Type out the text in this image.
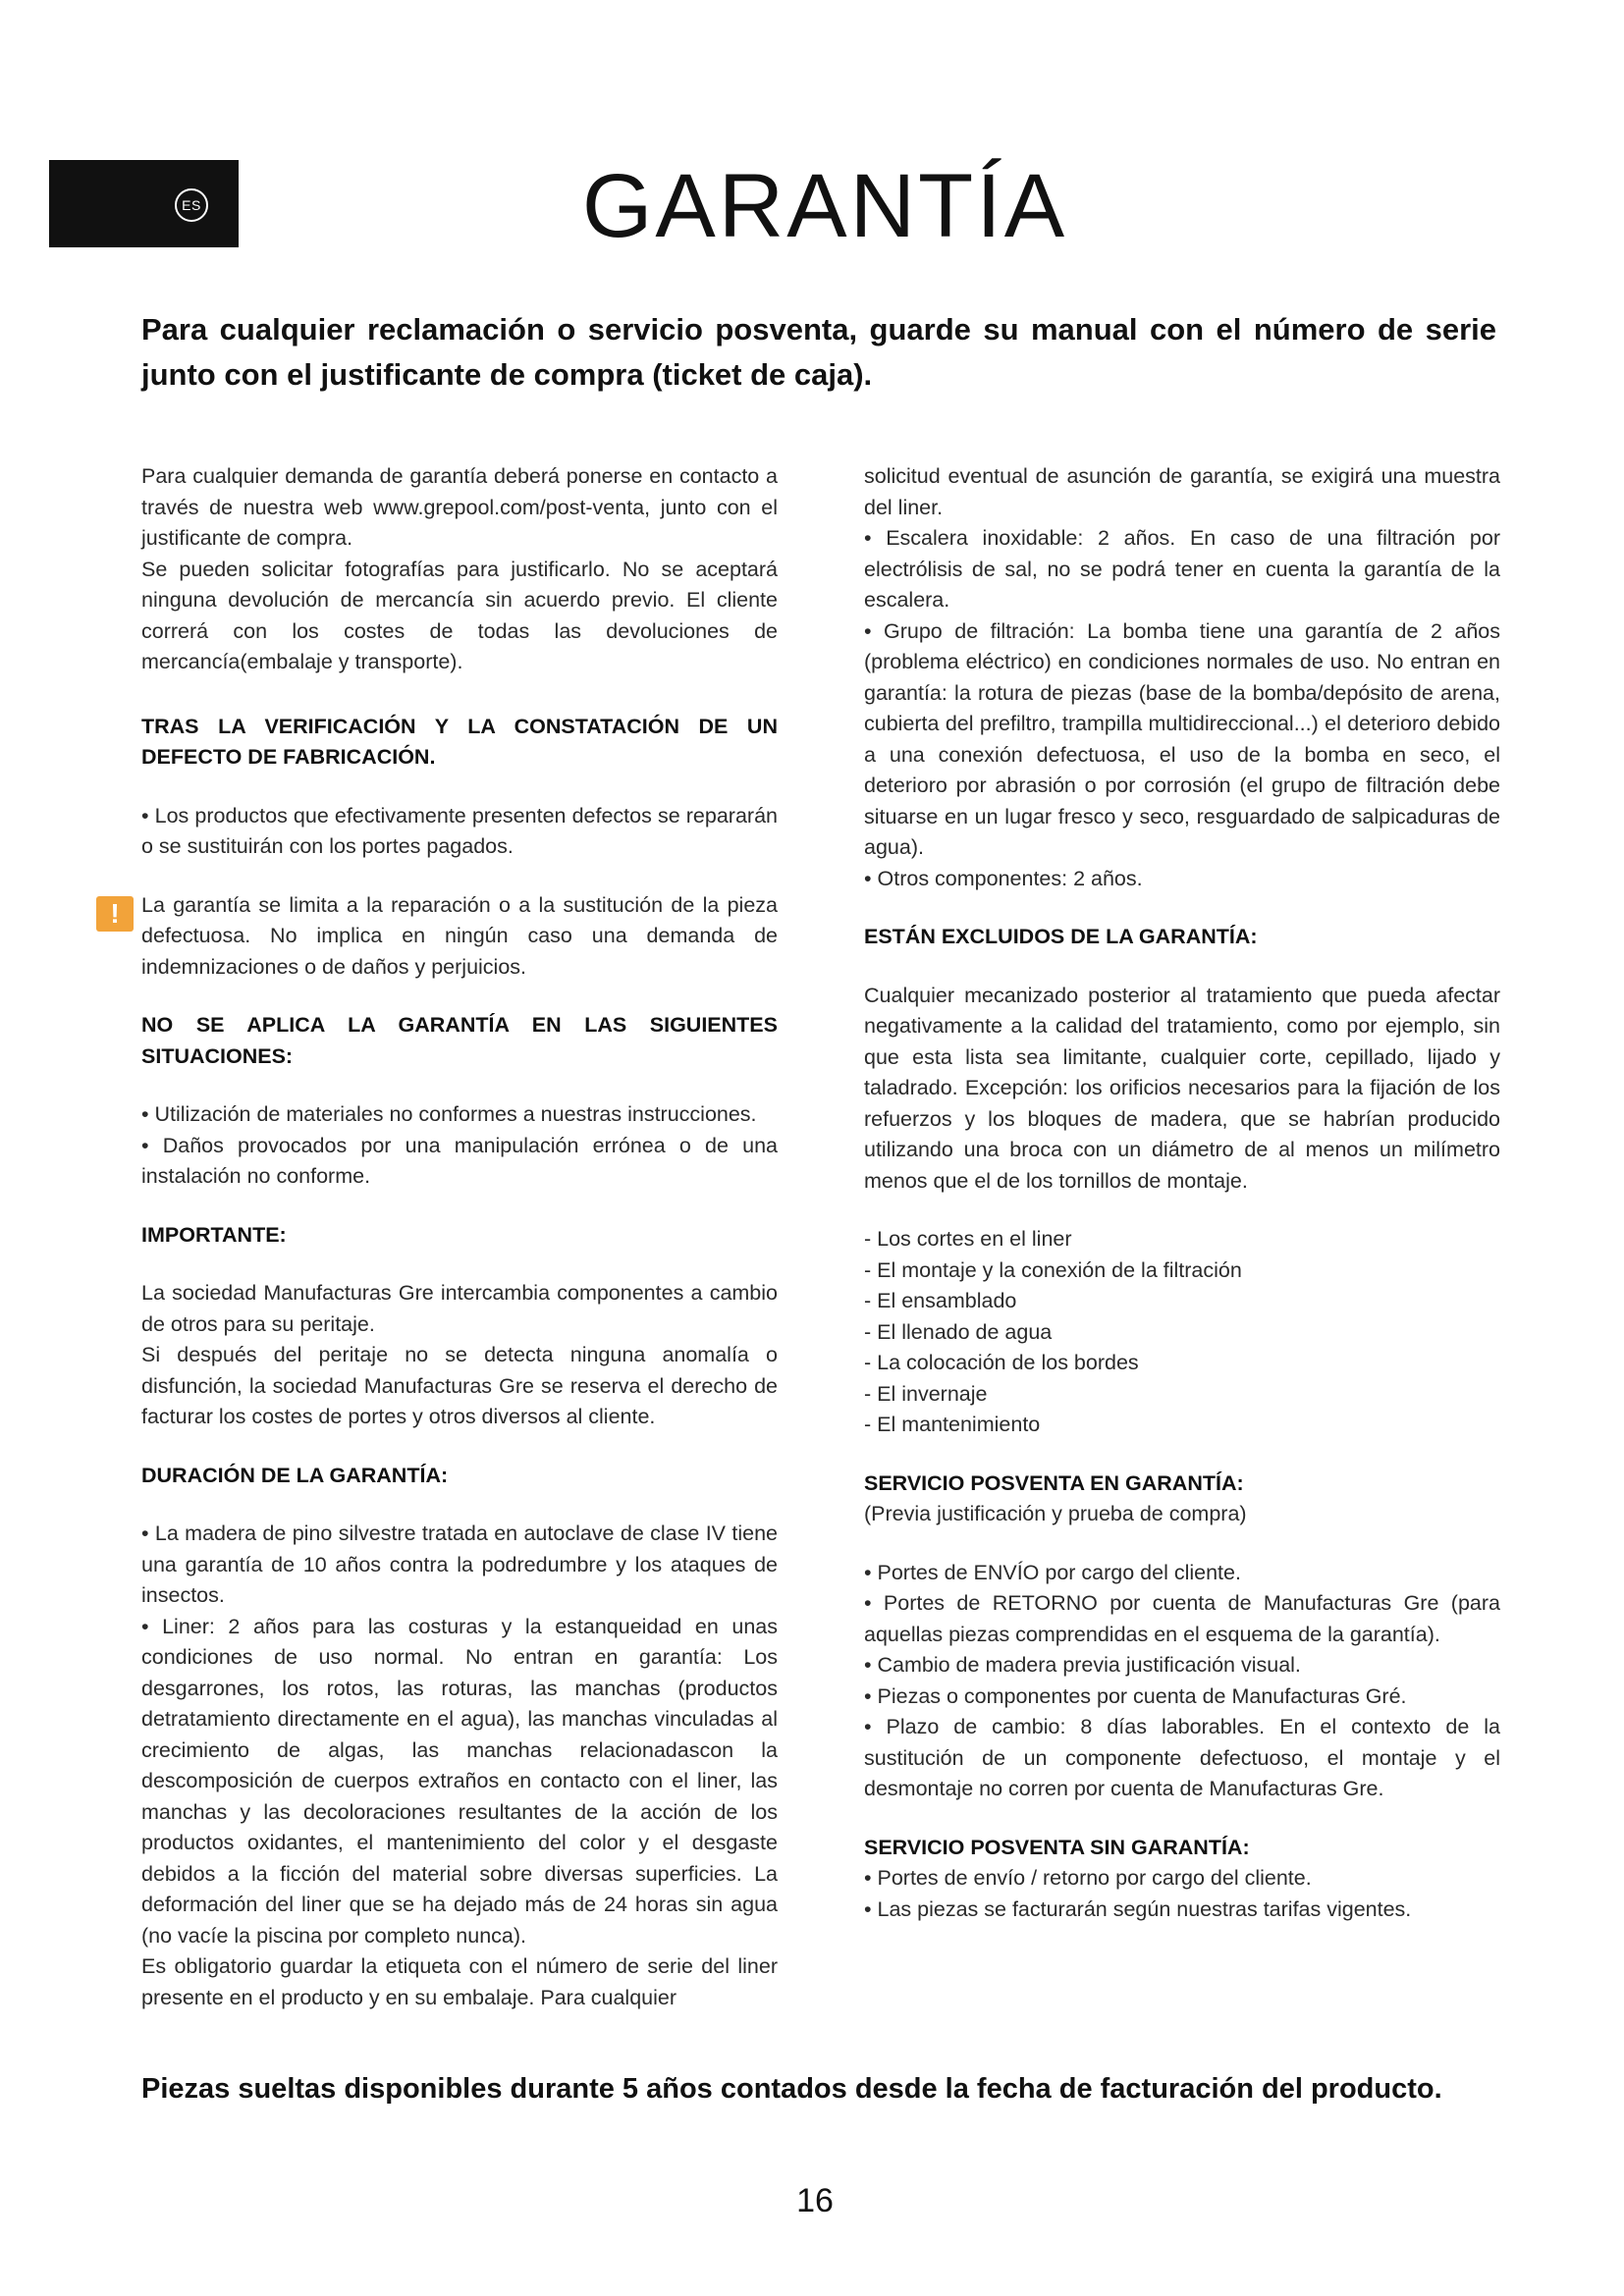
ES	GARANTÍA

Para cualquier reclamación o servicio posventa, guarde su manual con el número de serie junto con el justificante de compra (ticket de caja).

Para cualquier demanda de garantía deberá ponerse en contacto a través de nuestra web www.grepool.com/post-venta, junto con el justificante de compra.

Se pueden solicitar fotografías para justificarlo. No se aceptará ninguna devolución de mercancía sin acuerdo previo. El cliente correrá con los costes de todas las devoluciones de mercancía(embalaje y transporte).

TRAS LA VERIFICACIÓN Y LA CONSTATACIÓN DE UN DEFECTO DE FABRICACIÓN.

• Los productos que efectivamente presenten defectos se repararán o se sustituirán con los portes pagados.

!	La garantía se limita a la reparación o a la sustitución de la pieza defectuosa. No implica en ningún caso una demanda de indemnizaciones o de daños y perjuicios.

NO SE APLICA LA GARANTÍA EN LAS SIGUIENTES SITUACIONES:

• Utilización de materiales no conformes a nuestras instrucciones.

• Daños provocados por una manipulación errónea o de una instalación no conforme.

IMPORTANTE:

La sociedad Manufacturas Gre intercambia componentes a cambio de otros para su peritaje.

Si después del peritaje no se detecta ninguna anomalía o disfunción, la sociedad Manufacturas Gre se reserva el derecho de facturar los costes de portes y otros diversos al cliente.

DURACIÓN DE LA GARANTÍA:

• La madera de pino silvestre tratada en autoclave de clase IV tiene una garantía de 10 años contra la podredumbre y los ataques de insectos.

• Liner: 2 años para las costuras y la estanqueidad en unas condiciones de uso normal. No entran en garantía: Los desgarrones, los rotos, las roturas, las manchas (productos detratamiento directamente en el agua), las manchas vinculadas al crecimiento de algas, las manchas relacionadascon la descomposición de cuerpos extraños en contacto con el liner, las manchas y las decoloraciones resultantes de la acción de los productos oxidantes, el mantenimiento del color y el desgaste debidos a la ficción del material sobre diversas superficies. La deformación del liner que se ha dejado más de 24 horas sin agua (no vacíe la piscina por completo nunca).

Es obligatorio guardar la etiqueta con el número de serie del liner presente en el producto y en su embalaje. Para cualquier

solicitud eventual de asunción de garantía, se exigirá una muestra del liner.

• Escalera inoxidable: 2 años. En caso de una filtración por electrólisis de sal, no se podrá tener en cuenta la garantía de la escalera.

• Grupo de filtración: La bomba tiene una garantía de 2 años (problema eléctrico) en condiciones normales de uso. No entran en garantía: la rotura de piezas (base de la bomba/depósito de arena, cubierta del prefiltro, trampilla multidireccional...) el deterioro debido a una conexión defectuosa, el uso de la bomba en seco, el deterioro por abrasión o por corrosión (el grupo de filtración debe situarse en un lugar fresco y seco, resguardado de salpicaduras de agua).

• Otros componentes: 2 años.

ESTÁN EXCLUIDOS DE LA GARANTÍA:

Cualquier mecanizado posterior al tratamiento que pueda afectar negativamente a la calidad del tratamiento, como por ejemplo, sin que esta lista sea limitante, cualquier corte, cepillado, lijado y taladrado. Excepción: los orificios necesarios para la fijación de los refuerzos y los bloques de madera, que se habrían producido utilizando una broca con un diámetro de al menos un milímetro menos que el de los tornillos de montaje.

- Los cortes en el liner
- El montaje y la conexión de la filtración
- El ensamblado
- El llenado de agua
- La colocación de los bordes
- El invernaje
- El mantenimiento
SERVICIO POSVENTA EN GARANTÍA:

(Previa justificación y prueba de compra)

• Portes de ENVÍO por cargo del cliente.

• Portes de RETORNO por cuenta de Manufacturas Gre (para aquellas piezas comprendidas en el esquema de la garantía).

• Cambio de madera previa justificación visual.

• Piezas o componentes por cuenta de Manufacturas Gré.

• Plazo de cambio: 8 días laborables. En el contexto de la sustitución de un componente defectuoso, el montaje y el desmontaje no corren por cuenta de Manufacturas Gre.

SERVICIO POSVENTA SIN GARANTÍA:

• Portes de envío / retorno por cargo del cliente.

• Las piezas se facturarán según nuestras tarifas vigentes.

Piezas sueltas disponibles durante 5 años contados desde la fecha de facturación del producto.

16
